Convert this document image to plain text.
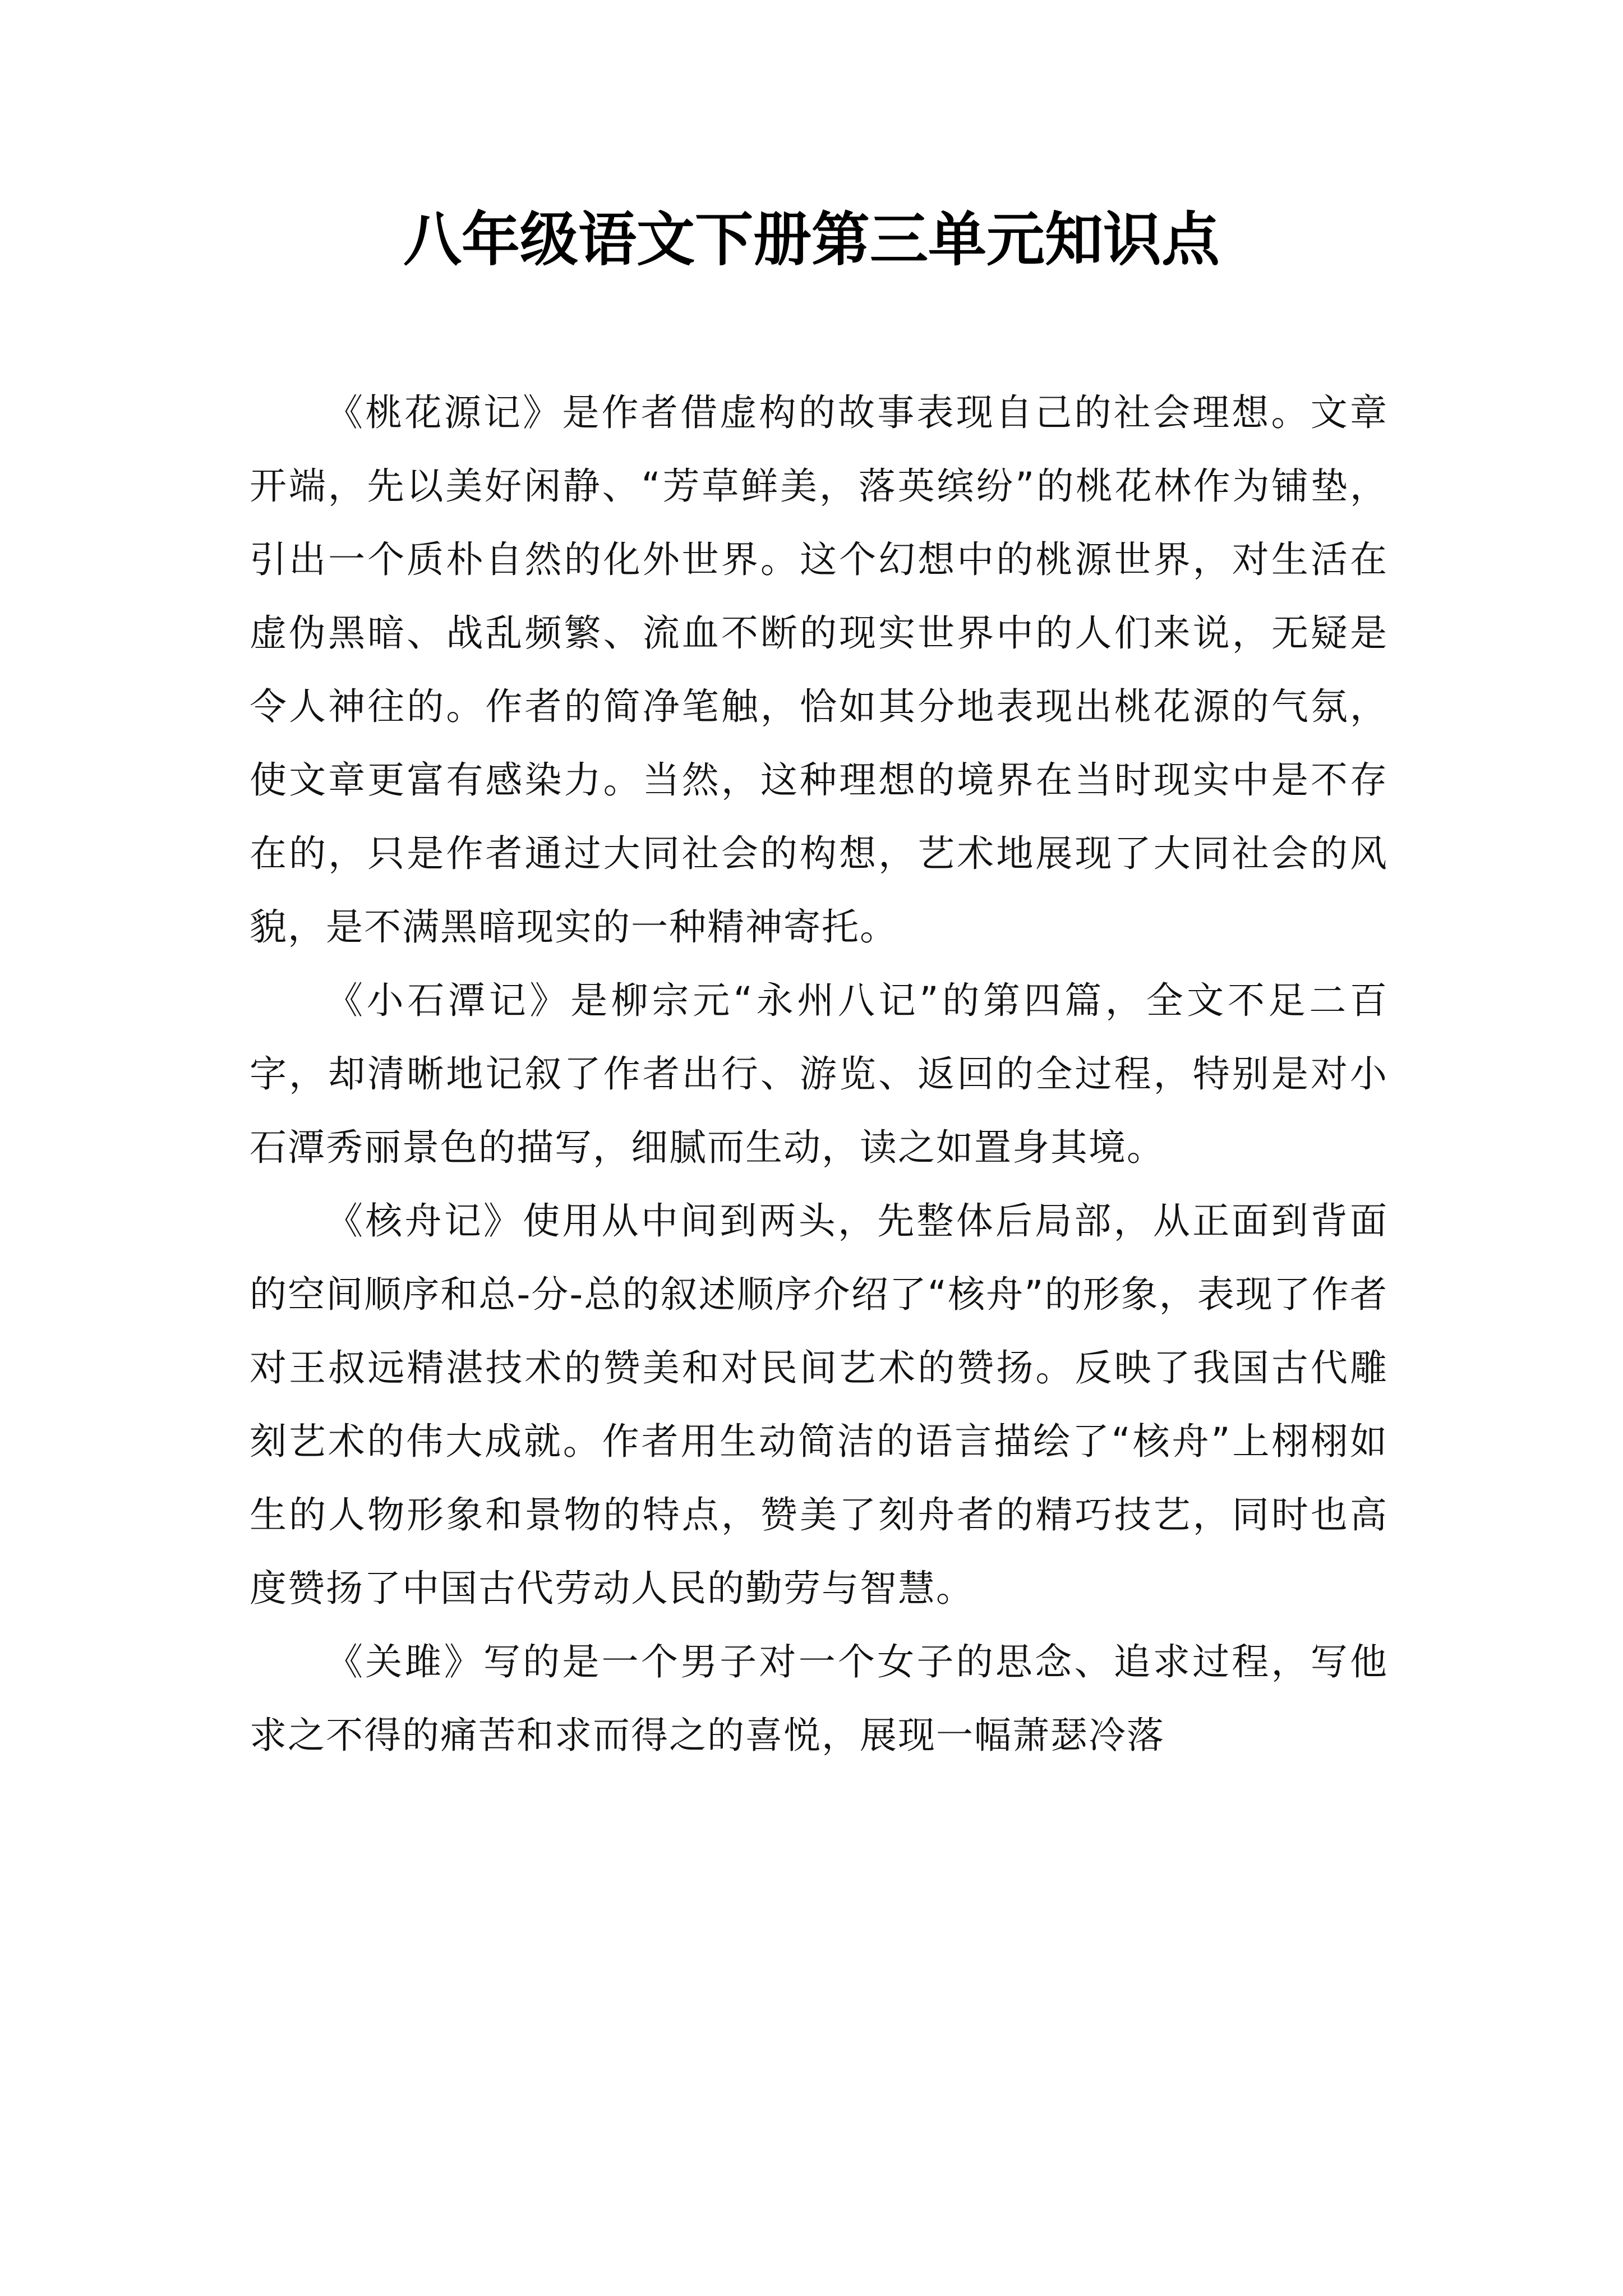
八年级语文下册第三单元知识点

《桃花源记》是作者借虚构的故事表现自己的社会理想。文章开端，先以美好闲静、“芳草鲜美，落英缤纷”的桃花林作为铺垫，引出一个质朴自然的化外世界。这个幻想中的桃源世界，对生活在虚伪黑暗、战乱频繁、流血不断的现实世界中的人们来说，无疑是令人神往的。作者的简净笔触，恰如其分地表现出桃花源的气氛，使文章更富有感染力。当然，这种理想的境界在当时现实中是不存在的，只是作者通过大同社会的构想，艺术地展现了大同社会的风貌，是不满黑暗现实的一种精神寄托。

《小石潭记》是柳宗元“永州八记”的第四篇，全文不足二百字，却清晰地记叙了作者出行、游览、返回的全过程，特别是对小石潭秀丽景色的描写，细腻而生动，读之如置身其境。

《核舟记》使用从中间到两头，先整体后局部，从正面到背面的空间顺序和总-分-总的叙述顺序介绍了“核舟”的形象，表现了作者对王叔远精湛技术的赞美和对民间艺术的赞扬。反映了我国古代雕刻艺术的伟大成就。作者用生动简洁的语言描绘了“核舟”上栩栩如生的人物形象和景物的特点，赞美了刻舟者的精巧技艺，同时也高度赞扬了中国古代劳动人民的勤劳与智慧。

《关雎》写的是一个男子对一个女子的思念、追求过程，写他求之不得的痛苦和求而得之的喜悦，展现一幅萧瑟冷落
